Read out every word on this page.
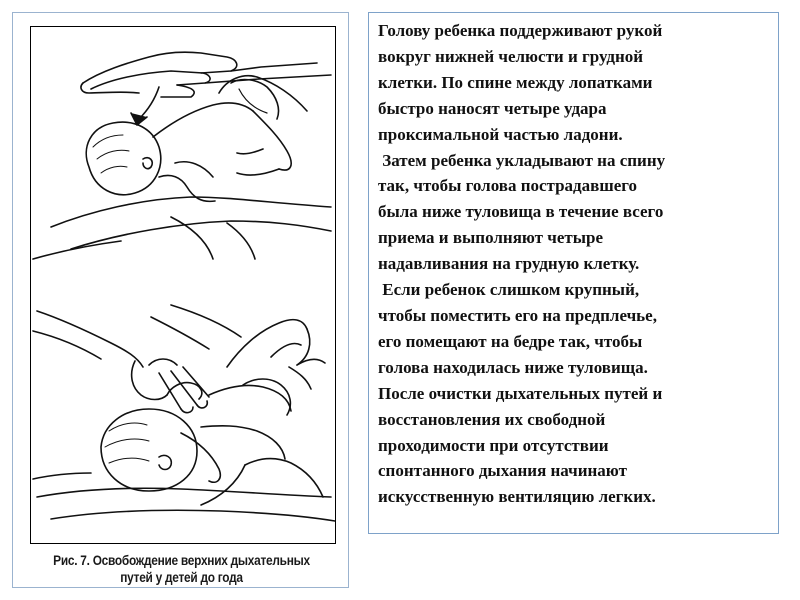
Рис. 7. Освобождение верхних дыхательных
путей у детей до года
Голову ребенка поддерживают рукой
вокруг нижней челюсти и грудной
клетки. По спине между лопатками
быстро наносят четыре удара
проксимальной частью ладони.
Затем ребенка укладывают на спину
так, чтобы голова пострадавшего
была ниже туловища в течение всего
приема и выполняют четыре
надавливания на грудную клетку.
Если ребенок слишком крупный,
чтобы поместить его на предплечье,
его помещают на бедре так, чтобы
голова находилась ниже туловища.
После очистки дыхательных путей и
восстановления их свободной
проходимости при отсутствии
спонтанного дыхания начинают
искусственную вентиляцию легких.
